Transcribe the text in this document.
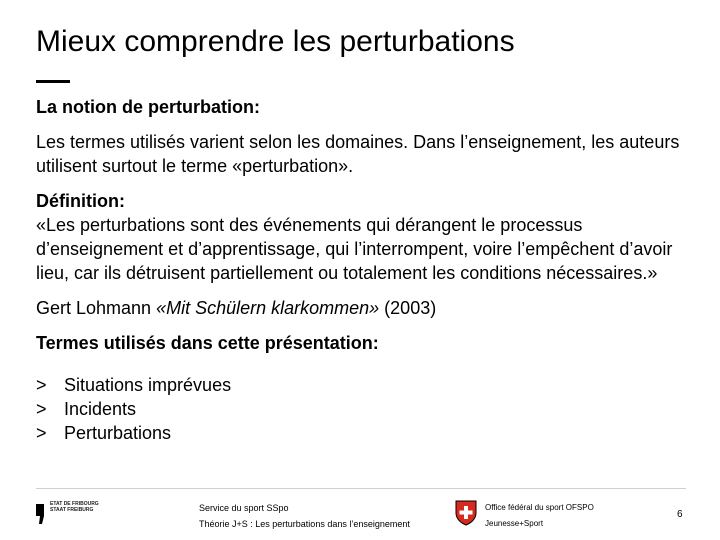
Mieux comprendre les perturbations

La notion de perturbation:

Les termes utilisés varient selon les domaines. Dans l’enseignement, les auteurs utilisent surtout le terme «perturbation».

Définition:

«Les perturbations sont des événements qui dérangent le processus d’enseignement et d’apprentissage, qui l’interrompent, voire l’empêchent d’avoir lieu, car ils détruisent partiellement ou totalement les conditions nécessaires.»

Gert Lohmann «Mit Schülern klarkommen» (2003)

Termes utilisés dans cette présentation:

> Situations imprévues
> Incidents
> Perturbations
ETAT DE FRIBOURG
STAAT FREIBURG	Service du sport SSpo
Théorie J+S : Les perturbations dans l’enseignement
Office fédéral du sport OFSPO
Jeunesse+Sport
6
